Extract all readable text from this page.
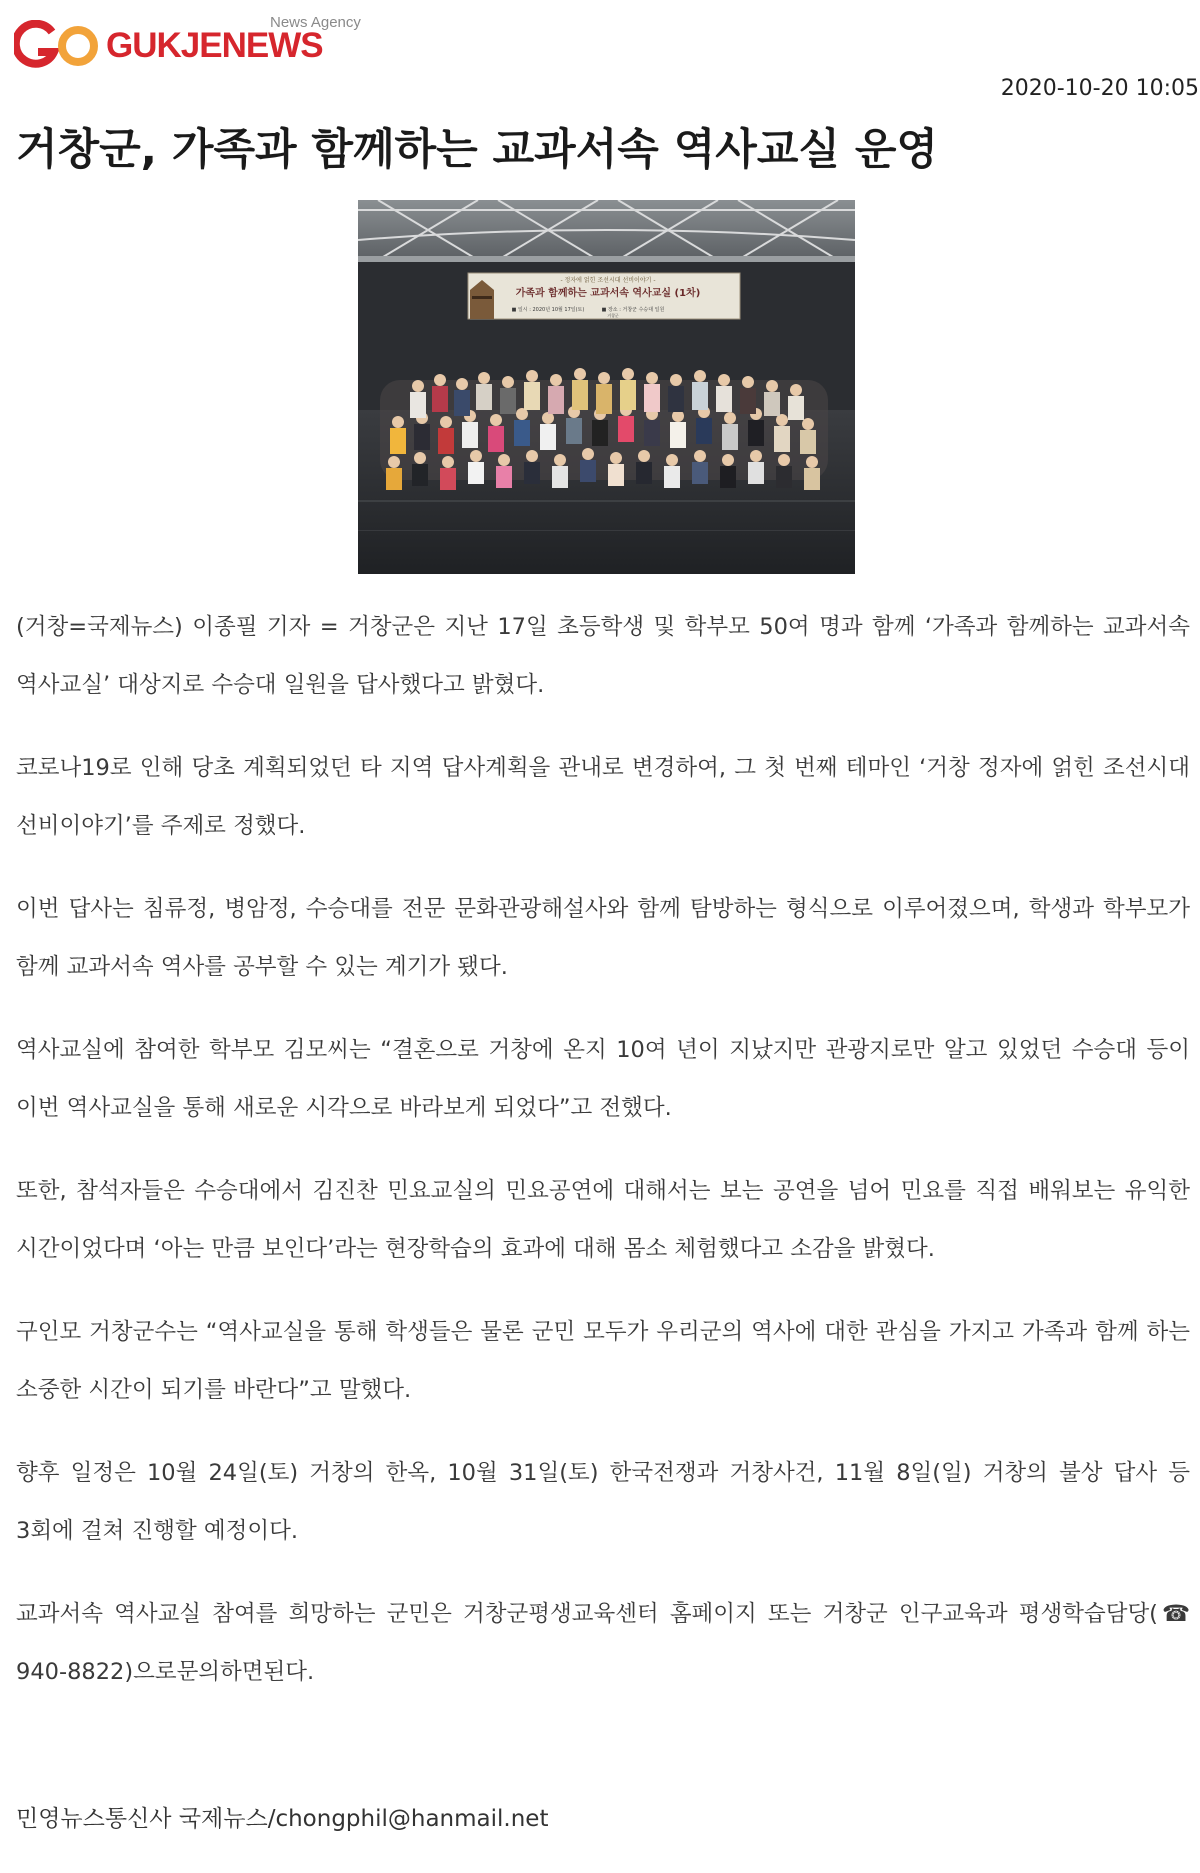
News Agency
GUKJENEWS
2020-10-20 10:05
거창군, 가족과 함께하는 교과서속 역사교실 운영
- 정자에 얽힌 조선시대 선비이야기 -
가족과 함께하는 교과서속 역사교실 (1차)
■ 일시 : 2020년 10월 17일(토)	■ 장소 : 거창군 수승대 일원
거창군

(거창=국제뉴스) 이종필 기자 = 거창군은 지난 17일 초등학생 및 학부모 50여 명과 함께 ‘가족과 함께하는 교과서속 역사교실’ 대상지로 수승대 일원을 답사했다고 밝혔다.

코로나19로 인해 당초 계획되었던 타 지역 답사계획을 관내로 변경하여, 그 첫 번째 테마인 ‘거창 정자에 얽힌 조선시대 선비이야기’를 주제로 정했다.

이번 답사는 침류정, 병암정, 수승대를 전문 문화관광해설사와 함께 탐방하는 형식으로 이루어졌으며, 학생과 학부모가 함께 교과서속 역사를 공부할 수 있는 계기가 됐다.

역사교실에 참여한 학부모 김모씨는 “결혼으로 거창에 온지 10여 년이 지났지만 관광지로만 알고 있었던 수승대 등이 이번 역사교실을 통해 새로운 시각으로 바라보게 되었다”고 전했다.

또한, 참석자들은 수승대에서 김진찬 민요교실의 민요공연에 대해서는 보는 공연을 넘어 민요를 직접 배워보는 유익한 시간이었다며 ‘아는 만큼 보인다’라는 현장학습의 효과에 대해 몸소 체험했다고 소감을 밝혔다.

구인모 거창군수는 “역사교실을 통해 학생들은 물론 군민 모두가 우리군의 역사에 대한 관심을 가지고 가족과 함께 하는 소중한 시간이 되기를 바란다”고 말했다.

향후 일정은 10월 24일(토) 거창의 한옥, 10월 31일(토) 한국전쟁과 거창사건, 11월 8일(일) 거창의 불상 답사 등 3회에 걸쳐 진행할 예정이다.

교과서속 역사교실 참여를 희망하는 군민은 거창군평생교육센터 홈페이지 또는 거창군 인구교육과 평생학습담당(☎ 940-8822)으로문의하면된다.

민영뉴스통신사 국제뉴스/chongphil@hanmail.net
